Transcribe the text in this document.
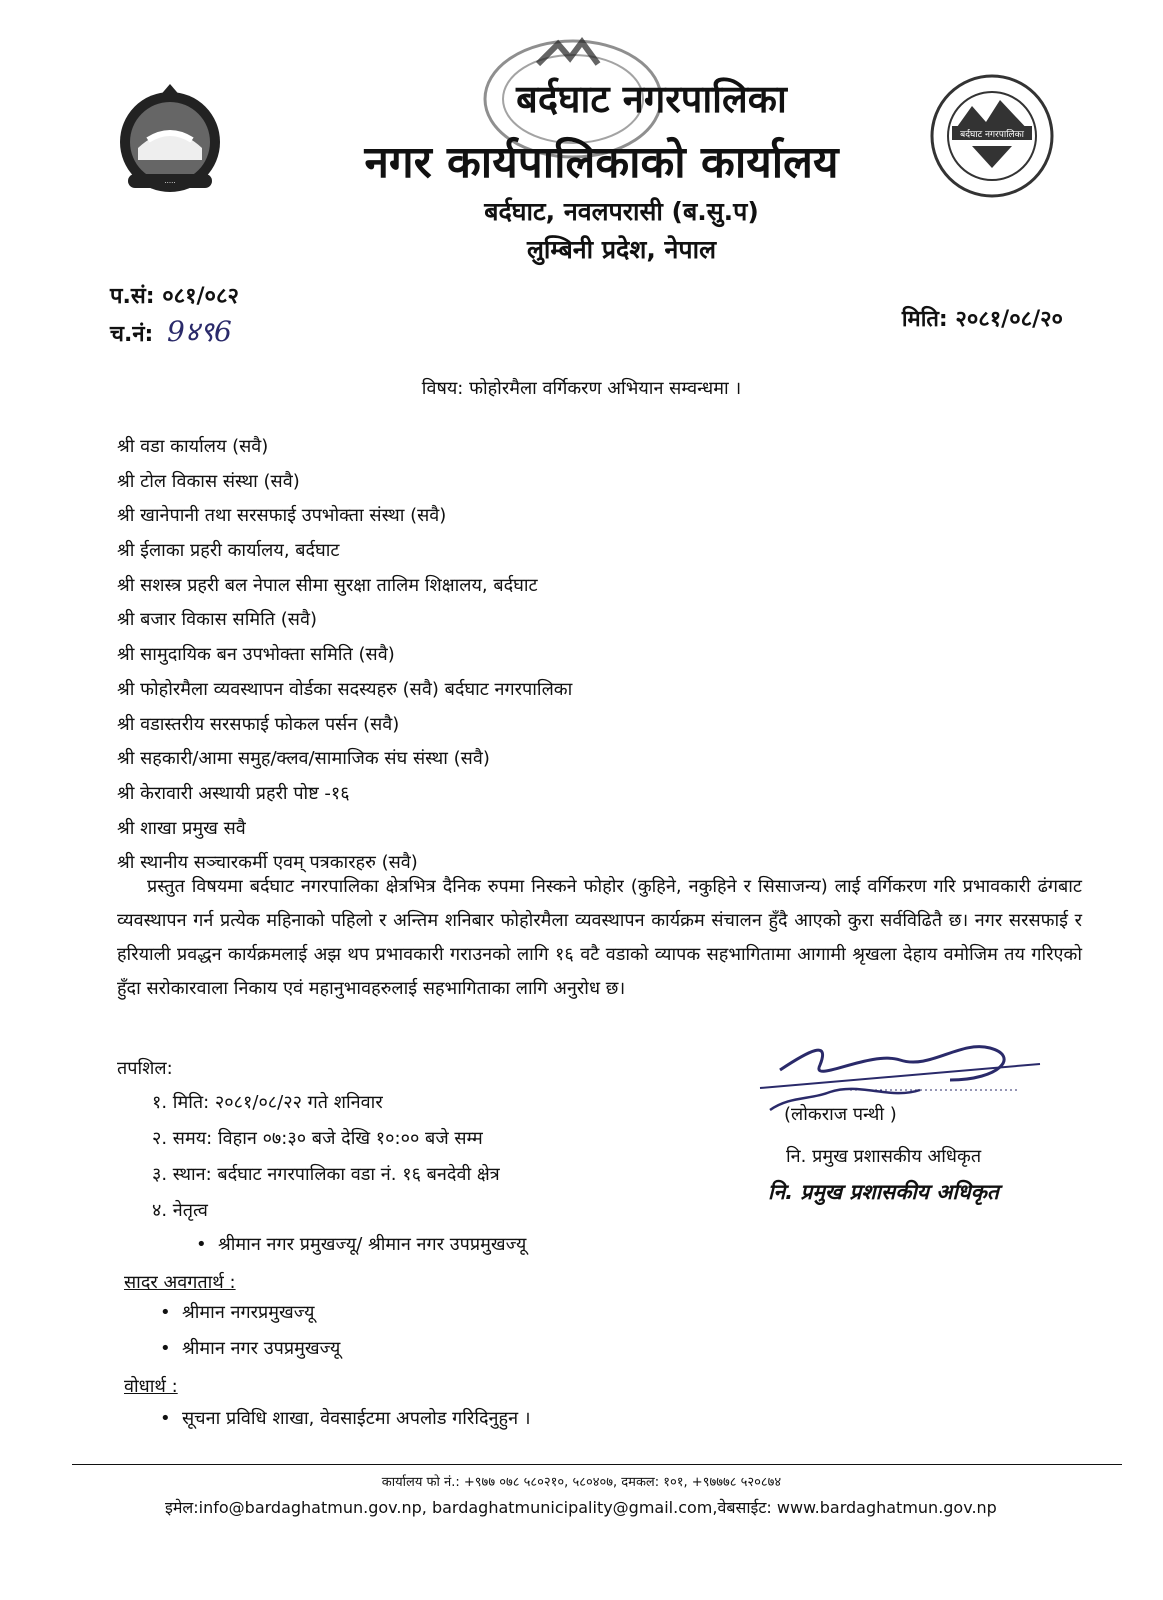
·····
बर्दघाट नगरपालिका
बर्दघाट नगरपालिका
नगर कार्यपालिकाको कार्यालय
बर्दघाट, नवलपरासी (ब.सु.प)
लुम्बिनी प्रदेश, नेपाल
प.सं: ०८१/०८२
च.नं: 9४९6	मिति: २०८१/०८/२०
विषय: फोहोरमैला वर्गिकरण अभियान सम्वन्धमा ।
श्री वडा कार्यालय (सवै)
श्री टोल विकास संस्था (सवै)
श्री खानेपानी तथा सरसफाई उपभोक्ता संस्था (सवै)
श्री ईलाका प्रहरी कार्यालय, बर्दघाट
श्री सशस्त्र प्रहरी बल नेपाल सीमा सुरक्षा तालिम शिक्षालय, बर्दघाट
श्री बजार विकास समिति (सवै)
श्री सामुदायिक बन उपभोक्ता समिति (सवै)
श्री फोहोरमैला व्यवस्थापन वोर्डका सदस्यहरु (सवै) बर्दघाट नगरपालिका
श्री वडास्तरीय सरसफाई फोकल पर्सन (सवै)
श्री सहकारी/आमा समुह/क्लव/सामाजिक संघ संस्था (सवै)
श्री केरावारी अस्थायी प्रहरी पोष्ट -१६
श्री शाखा प्रमुख सवै
श्री स्थानीय सञ्चारकर्मी एवम् पत्रकारहरु (सवै)
प्रस्तुत विषयमा बर्दघाट नगरपालिका क्षेत्रभित्र दैनिक रुपमा निस्कने फोहोर (कुहिने, नकुहिने र सिसाजन्य) लाई वर्गिकरण गरि प्रभावकारी ढंगबाट व्यवस्थापन गर्न प्रत्येक महिनाको पहिलो र अन्तिम शनिबार फोहोरमैला व्यवस्थापन कार्यक्रम संचालन हुँदै आएको कुरा सर्वविढितै छ। नगर सरसफाई र हरियाली प्रवद्धन कार्यक्रमलाई अझ थप प्रभावकारी गराउनको लागि १६ वटै वडाको व्यापक सहभागितामा आगामी श्रृखला देहाय वमोजिम तय गरिएको हुँदा सरोकारवाला निकाय एवं महानुभावहरुलाई सहभागिताका लागि अनुरोध छ।
तपशिल:
१. मिति: २०८१/०८/२२ गते शनिवार
२. समय: विहान ०७:३० बजे देखि १०:०० बजे सम्म
३. स्थान: बर्दघाट नगरपालिका वडा नं. १६ बनदेवी क्षेत्र
४. नेतृत्व
• श्रीमान नगर प्रमुखज्यू/ श्रीमान नगर उपप्रमुखज्यू
(लोकराज पन्थी )
नि. प्रमुख प्रशासकीय अधिकृत
नि. प्रमुख प्रशासकीय अधिकृत
सादर अवगतार्थ :
• श्रीमान नगरप्रमुखज्यू
• श्रीमान नगर उपप्रमुखज्यू
वोधार्थ :
• सूचना प्रविधि शाखा, वेवसाईटमा अपलोड गरिदिनुहुन ।
कार्यालय फो नं.: +९७७ ०७८ ५८०२१०, ५८०४०७, दमकल: १०१, +९७७७८ ५२०८७४
इमेल:info@bardaghatmun.gov.np, bardaghatmunicipality@gmail.com,वेबसाईट: www.bardaghatmun.gov.np
